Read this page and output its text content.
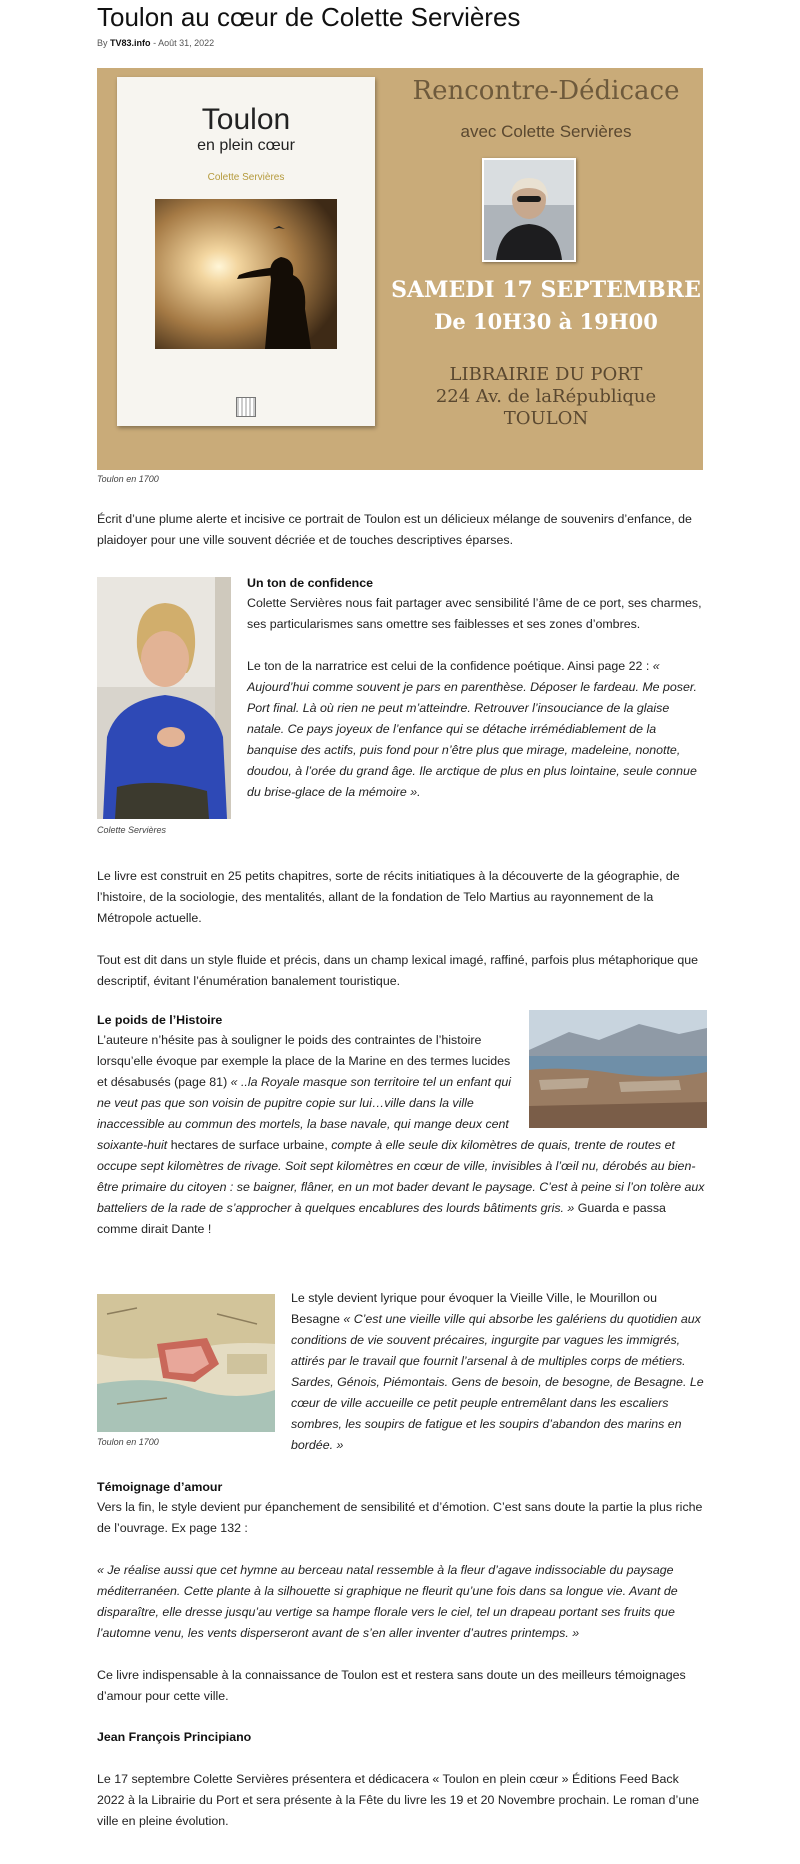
Toulon au cœur de Colette Servières
By TV83.info - Août 31, 2022
Toulon
en plein cœur
Colette Servières
Rencontre-Dédicace
avec Colette Servières
SAMEDI 17 SEPTEMBRE
De 10H30 à 19H00
LIBRAIRIE DU PORT
224 Av. de laRépublique
TOULON
Toulon en 1700
Écrit d’une plume alerte et incisive ce portrait de Toulon est un délicieux mélange de souvenirs d’enfance, de plaidoyer pour une ville souvent décriée et de touches descriptives éparses.
Colette Servières
Un ton de confidence
Colette Servières nous fait partager avec sensibilité l’âme de ce port, ses charmes, ses particularismes sans omettre ses faiblesses et ses zones d’ombres.
Le ton de la narratrice est celui de la confidence poétique. Ainsi page 22 : « Aujourd’hui comme souvent je pars en parenthèse. Déposer le fardeau. Me poser. Port final. Là où rien ne peut m’atteindre. Retrouver l’insouciance de la glaise natale. Ce pays joyeux de l’enfance qui se détache irrémédiablement de la banquise des actifs, puis fond pour n’être plus que mirage, madeleine, nonotte, doudou, à l’orée du grand âge. Ile arctique de plus en plus lointaine, seule connue du brise-glace de la mémoire ».
Le livre est construit en 25 petits chapitres, sorte de récits initiatiques à la découverte de la géographie, de l’histoire, de la sociologie, des mentalités, allant de la fondation de Telo Martius au rayonnement de la Métropole actuelle.
Tout est dit dans un style fluide et précis, dans un champ lexical imagé, raffiné, parfois plus métaphorique que descriptif, évitant l’énumération banalement touristique.
Le poids de l’Histoire
L’auteure n’hésite pas à souligner le poids des contraintes de l’histoire lorsqu’elle évoque par exemple la place de la Marine en des termes lucides et désabusés (page 81) « ..la Royale masque son territoire tel un enfant qui ne veut pas que son voisin de pupitre copie sur lui…ville dans la ville inaccessible au commun des mortels, la base navale, qui mange deux cent soixante-huit hectares de surface urbaine, compte à elle seule dix kilomètres de quais, trente de routes et occupe sept kilomètres de rivage. Soit sept kilomètres en cœur de ville, invisibles à l’œil nu, dérobés au bien-être primaire du citoyen : se baigner, flâner, en un mot bader devant le paysage. C’est à peine si l’on tolère aux batteliers de la rade de s’approcher à quelques encablures des lourds bâtiments gris. » Guarda e passa comme dirait Dante !
Toulon en 1700
Le style devient lyrique pour évoquer la Vieille Ville, le Mourillon ou Besagne « C’est une vieille ville qui absorbe les galériens du quotidien aux conditions de vie souvent précaires, ingurgite par vagues les immigrés, attirés par le travail que fournit l’arsenal à de multiples corps de métiers. Sardes, Génois, Piémontais. Gens de besoin, de besogne, de Besagne. Le cœur de ville accueille ce petit peuple entremêlant dans les escaliers sombres, les soupirs de fatigue et les soupirs d’abandon des marins en bordée. »
Témoignage d’amour
Vers la fin, le style devient pur épanchement de sensibilité et d’émotion. C’est sans doute la partie la plus riche de l’ouvrage. Ex page 132 :
« Je réalise aussi que cet hymne au berceau natal ressemble à la fleur d’agave indissociable du paysage méditerranéen. Cette plante à la silhouette si graphique ne fleurit qu’une fois dans sa longue vie. Avant de disparaître, elle dresse jusqu’au vertige sa hampe florale vers le ciel, tel un drapeau portant ses fruits que l’automne venu, les vents disperseront avant de s’en aller inventer d’autres printemps. »
Ce livre indispensable à la connaissance de Toulon est et restera sans doute un des meilleurs témoignages d’amour pour cette ville.
Jean François Principiano
Le 17 septembre Colette Servières présentera et dédicacera « Toulon en plein cœur » Éditions Feed Back 2022 à la Librairie du Port et sera présente à la Fête du livre les 19 et 20 Novembre prochain. Le roman d’une ville en pleine évolution.
